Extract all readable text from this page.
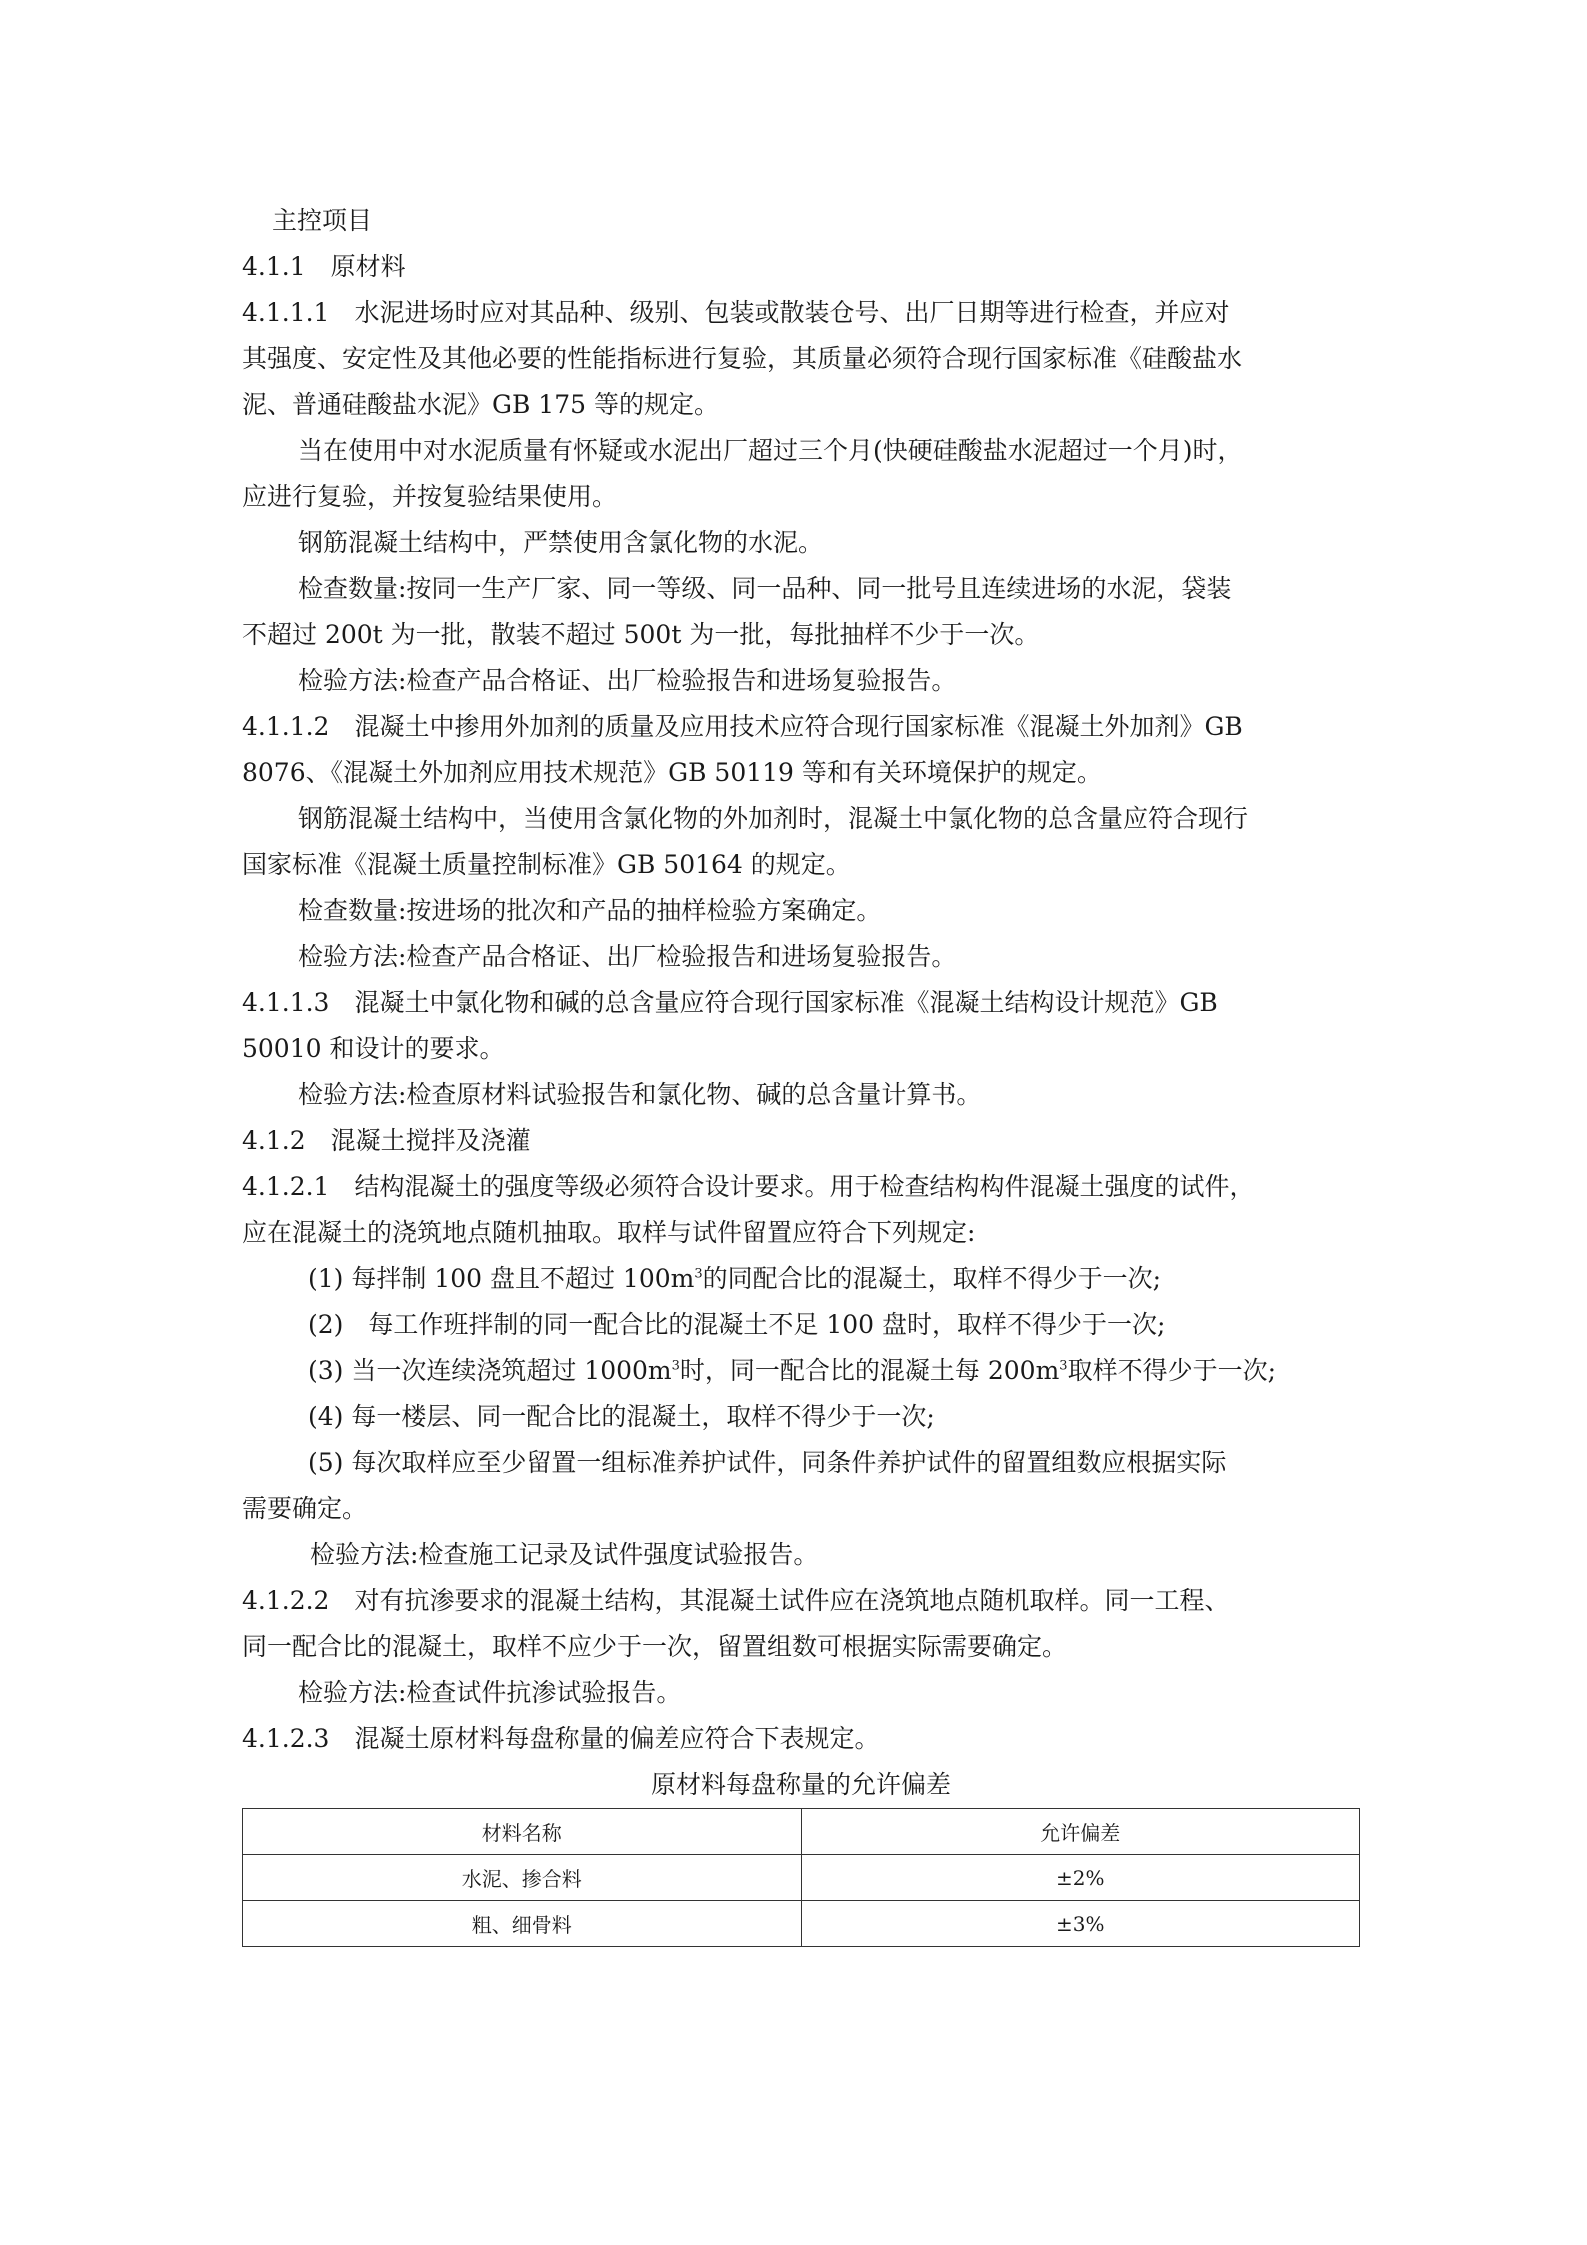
主控项目
4.1.1　原材料
4.1.1.1　水泥进场时应对其品种、级别、包装或散装仓号、出厂日期等进行检查，并应对
其强度、安定性及其他必要的性能指标进行复验，其质量必须符合现行国家标准《硅酸盐水
泥、普通硅酸盐水泥》GB 175 等的规定。
当在使用中对水泥质量有怀疑或水泥出厂超过三个月(快硬硅酸盐水泥超过一个月)时，
应进行复验，并按复验结果使用。
钢筋混凝土结构中，严禁使用含氯化物的水泥。
检查数量:按同一生产厂家、同一等级、同一品种、同一批号且连续进场的水泥，袋装
不超过 200t 为一批，散装不超过 500t 为一批，每批抽样不少于一次。
检验方法:检查产品合格证、出厂检验报告和进场复验报告。
4.1.1.2　混凝土中掺用外加剂的质量及应用技术应符合现行国家标准《混凝土外加剂》GB
8076、《混凝土外加剂应用技术规范》GB 50119 等和有关环境保护的规定。
钢筋混凝土结构中，当使用含氯化物的外加剂时，混凝土中氯化物的总含量应符合现行
国家标准《混凝土质量控制标准》GB 50164 的规定。
检查数量:按进场的批次和产品的抽样检验方案确定。
检验方法:检查产品合格证、出厂检验报告和进场复验报告。
4.1.1.3　混凝土中氯化物和碱的总含量应符合现行国家标准《混凝土结构设计规范》GB
50010 和设计的要求。
检验方法:检查原材料试验报告和氯化物、碱的总含量计算书。
4.1.2　混凝土搅拌及浇灌
4.1.2.1　结构混凝土的强度等级必须符合设计要求。用于检查结构构件混凝土强度的试件，
应在混凝土的浇筑地点随机抽取。取样与试件留置应符合下列规定:
(1) 每拌制 100 盘且不超过 $100m^3$的同配合比的混凝土，取样不得少于一次;
(2)　每工作班拌制的同一配合比的混凝土不足 100 盘时，取样不得少于一次;
(3) 当一次连续浇筑超过 $1000m^3$时，同一配合比的混凝土每 $200m^3$取样不得少于一次;
(4) 每一楼层、同一配合比的混凝土，取样不得少于一次;
(5) 每次取样应至少留置一组标准养护试件，同条件养护试件的留置组数应根据实际
需要确定。
检验方法:检查施工记录及试件强度试验报告。
4.1.2.2　对有抗渗要求的混凝土结构，其混凝土试件应在浇筑地点随机取样。同一工程、
同一配合比的混凝土，取样不应少于一次，留置组数可根据实际需要确定。
检验方法:检查试件抗渗试验报告。
4.1.2.3　混凝土原材料每盘称量的偏差应符合下表规定。
原材料每盘称量的允许偏差
材料名称	允许偏差
水泥、掺合料	±2%
粗、细骨料	±3%
